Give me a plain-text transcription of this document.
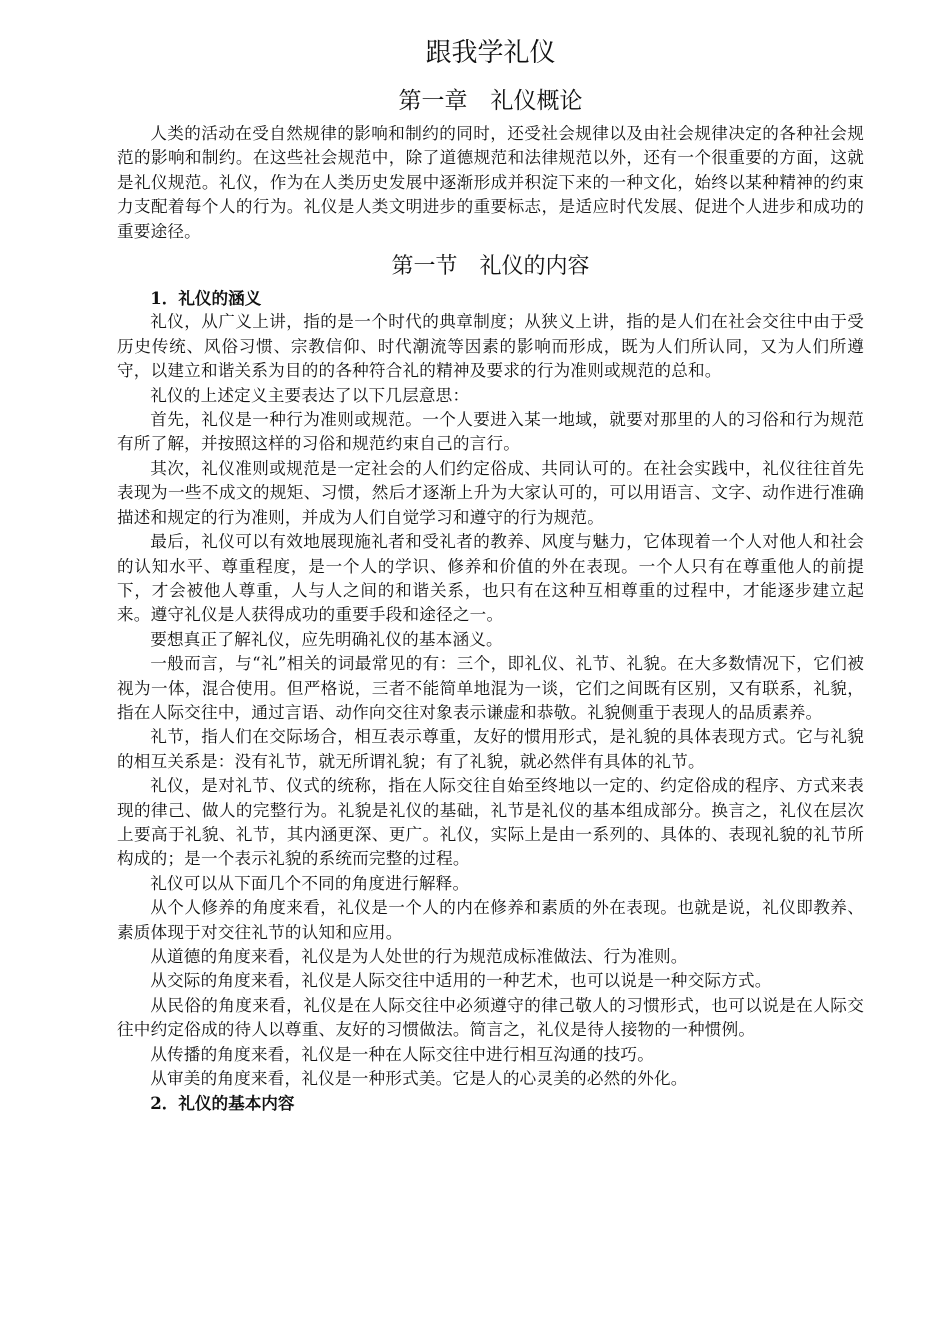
跟我学礼仪
第一章　礼仪概论

人类的活动在受自然规律的影响和制约的同时，还受社会规律以及由社会规律决定的各种社会规范的影响和制约。在这些社会规范中，除了道德规范和法律规范以外，还有一个很重要的方面，这就是礼仪规范。礼仪，作为在人类历史发展中逐渐形成并积淀下来的一种文化，始终以某种精神的约束力支配着每个人的行为。礼仪是人类文明进步的重要标志，是适应时代发展、促进个人进步和成功的重要途径。

第一节　礼仪的内容
1．礼仪的涵义

礼仪，从广义上讲，指的是一个时代的典章制度；从狭义上讲，指的是人们在社会交往中由于受历史传统、风俗习惯、宗教信仰、时代潮流等因素的影响而形成，既为人们所认同，又为人们所遵守，以建立和谐关系为目的的各种符合礼的精神及要求的行为准则或规范的总和。

礼仪的上述定义主要表达了以下几层意思：

首先，礼仪是一种行为准则或规范。一个人要进入某一地域，就要对那里的人的习俗和行为规范有所了解，并按照这样的习俗和规范约束自己的言行。

其次，礼仪准则或规范是一定社会的人们约定俗成、共同认可的。在社会实践中，礼仪往往首先表现为一些不成文的规矩、习惯，然后才逐渐上升为大家认可的，可以用语言、文字、动作进行准确描述和规定的行为准则，并成为人们自觉学习和遵守的行为规范。

最后，礼仪可以有效地展现施礼者和受礼者的教养、风度与魅力，它体现着一个人对他人和社会的认知水平、尊重程度，是一个人的学识、修养和价值的外在表现。一个人只有在尊重他人的前提下，才会被他人尊重，人与人之间的和谐关系，也只有在这种互相尊重的过程中，才能逐步建立起来。遵守礼仪是人获得成功的重要手段和途径之一。

要想真正了解礼仪，应先明确礼仪的基本涵义。

一般而言，与“礼”相关的词最常见的有：三个，即礼仪、礼节、礼貌。在大多数情况下，它们被视为一体，混合使用。但严格说，三者不能简单地混为一谈，它们之间既有区别，又有联系，礼貌，指在人际交往中，通过言语、动作向交往对象表示谦虚和恭敬。礼貌侧重于表现人的品质素养。

礼节，指人们在交际场合，相互表示尊重，友好的惯用形式，是礼貌的具体表现方式。它与礼貌的相互关系是：没有礼节，就无所谓礼貌；有了礼貌，就必然伴有具体的礼节。

礼仪，是对礼节、仪式的统称，指在人际交往自始至终地以一定的、约定俗成的程序、方式来表现的律己、做人的完整行为。礼貌是礼仪的基础，礼节是礼仪的基本组成部分。换言之，礼仪在层次上要高于礼貌、礼节，其内涵更深、更广。礼仪，实际上是由一系列的、具体的、表现礼貌的礼节所构成的；是一个表示礼貌的系统而完整的过程。

礼仪可以从下面几个不同的角度进行解释。

从个人修养的角度来看，礼仪是一个人的内在修养和素质的外在表现。也就是说，礼仪即教养、素质体现于对交往礼节的认知和应用。

从道德的角度来看，礼仪是为人处世的行为规范成标准做法、行为准则。

从交际的角度来看，礼仪是人际交往中适用的一种艺术，也可以说是一种交际方式。

从民俗的角度来看，礼仪是在人际交往中必须遵守的律己敬人的习惯形式，也可以说是在人际交往中约定俗成的待人以尊重、友好的习惯做法。简言之，礼仪是待人接物的一种惯例。

从传播的角度来看，礼仪是一种在人际交往中进行相互沟通的技巧。

从审美的角度来看，礼仪是一种形式美。它是人的心灵美的必然的外化。

2．礼仪的基本内容
